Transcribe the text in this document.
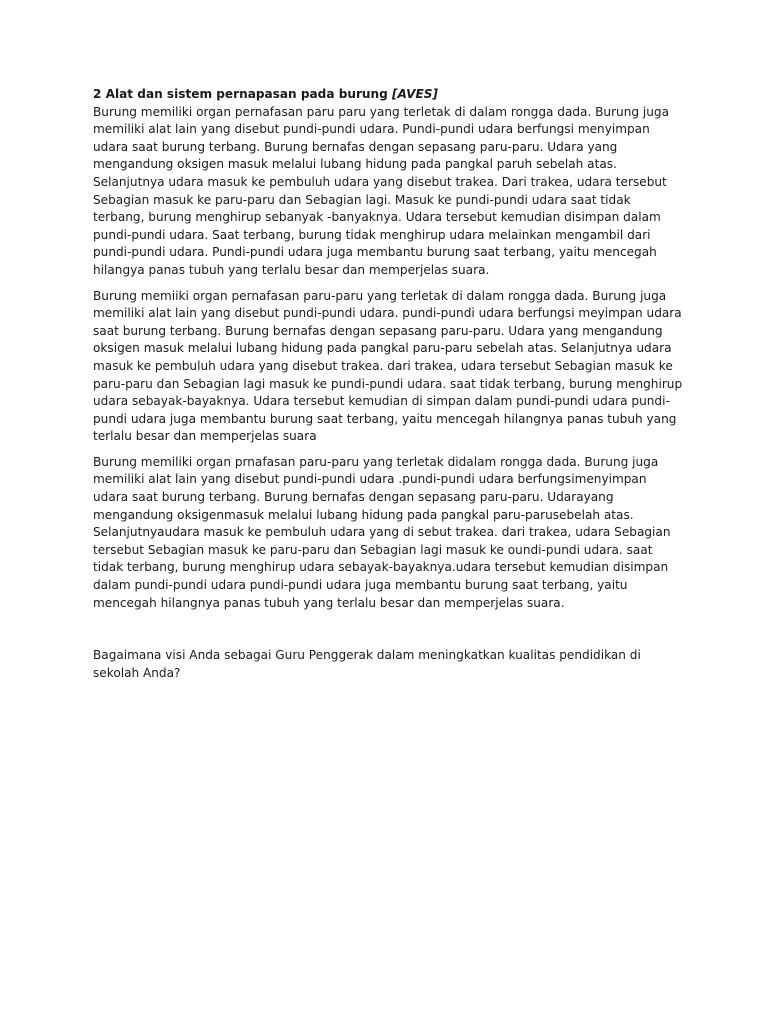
2 Alat dan sistem pernapasan pada burung [AVES]

Burung memiliki organ pernafasan paru paru yang terletak di dalam rongga dada. Burung juga memiliki alat lain yang disebut pundi-pundi udara. Pundi-pundi udara berfungsi menyimpan udara saat burung terbang. Burung bernafas dengan sepasang paru-paru. Udara yang mengandung oksigen masuk melalui lubang hidung pada pangkal paruh sebelah atas. Selanjutnya udara masuk ke pembuluh udara yang disebut trakea. Dari trakea, udara tersebut Sebagian masuk ke paru-paru dan Sebagian lagi. Masuk ke pundi-pundi udara saat tidak terbang, burung menghirup sebanyak -banyaknya. Udara tersebut kemudian disimpan dalam pundi-pundi udara. Saat terbang, burung tidak menghirup udara melainkan mengambil dari pundi-pundi udara. Pundi-pundi udara juga membantu burung saat terbang, yaitu mencegah hilangya panas tubuh yang terlalu besar dan memperjelas suara.

Burung memiiki organ pernafasan paru-paru yang terletak di dalam rongga dada. Burung juga memiliki alat lain yang disebut pundi-pundi udara. pundi-pundi udara berfungsi meyimpan udara saat burung terbang. Burung bernafas dengan sepasang paru-paru. Udara yang mengandung oksigen masuk melalui lubang hidung pada pangkal paru-paru sebelah atas. Selanjutnya udara masuk ke pembuluh udara yang disebut trakea. dari trakea, udara tersebut Sebagian masuk ke paru-paru dan Sebagian lagi masuk ke pundi-pundi udara. saat tidak terbang, burung menghirup udara sebayak-bayaknya. Udara tersebut kemudian di simpan dalam pundi-pundi udara pundi-pundi udara juga membantu burung saat terbang, yaitu mencegah hilangnya panas tubuh yang terlalu besar dan memperjelas suara

Burung memiliki organ prnafasan paru-paru yang terletak didalam rongga dada. Burung juga memiliki alat lain yang disebut pundi-pundi udara .pundi-pundi udara berfungsimenyimpan udara saat burung terbang. Burung bernafas dengan sepasang paru-paru. Udarayang mengandung oksigenmasuk melalui lubang hidung pada pangkal paru-parusebelah atas. Selanjutnyaudara masuk ke pembuluh udara yang di sebut trakea. dari trakea, udara Sebagian tersebut Sebagian masuk ke paru-paru dan Sebagian lagi masuk ke oundi-pundi udara. saat tidak terbang, burung menghirup udara sebayak-bayaknya.udara tersebut kemudian disimpan dalam pundi-pundi udara pundi-pundi udara juga membantu burung saat terbang, yaitu mencegah hilangnya panas tubuh yang terlalu besar dan memperjelas suara.

Bagaimana visi Anda sebagai Guru Penggerak dalam meningkatkan kualitas pendidikan di sekolah Anda?
